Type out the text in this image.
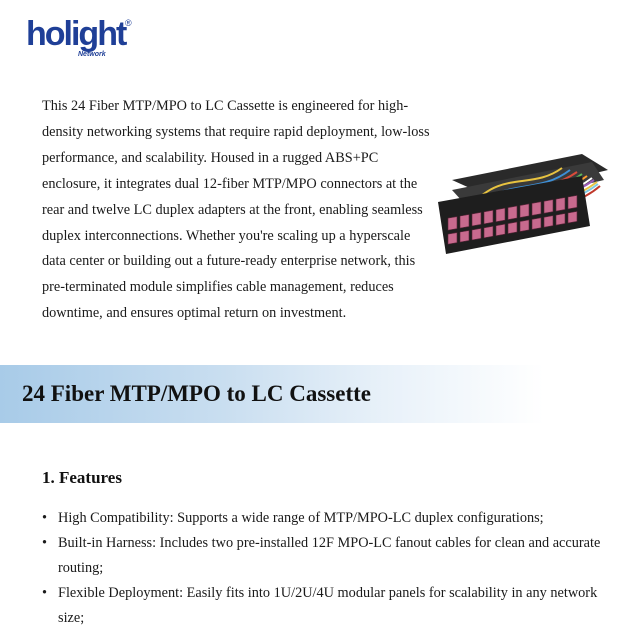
holight ®
Network

This 24 Fiber MTP/MPO to LC Cassette is engineered for high-density networking systems that require rapid deployment, low-loss performance, and scalability. Housed in a rugged ABS+PC enclosure, it integrates dual 12-fiber MTP/MPO connectors at the rear and twelve LC duplex adapters at the front, enabling seamless duplex interconnections. Whether you're scaling up a hyperscale data center or building out a future-ready enterprise network, this pre-terminated module simplifies cable management, reduces downtime, and ensures optimal return on investment.

24 Fiber MTP/MPO to LC Cassette
1. Features
• High Compatibility: Supports a wide range of MTP/MPO-LC duplex configurations;
• Built-in Harness: Includes two pre-installed 12F MPO-LC fanout cables for clean and accurate routing;
• Flexible Deployment: Easily fits into 1U/2U/4U modular panels for scalability in any network size;
